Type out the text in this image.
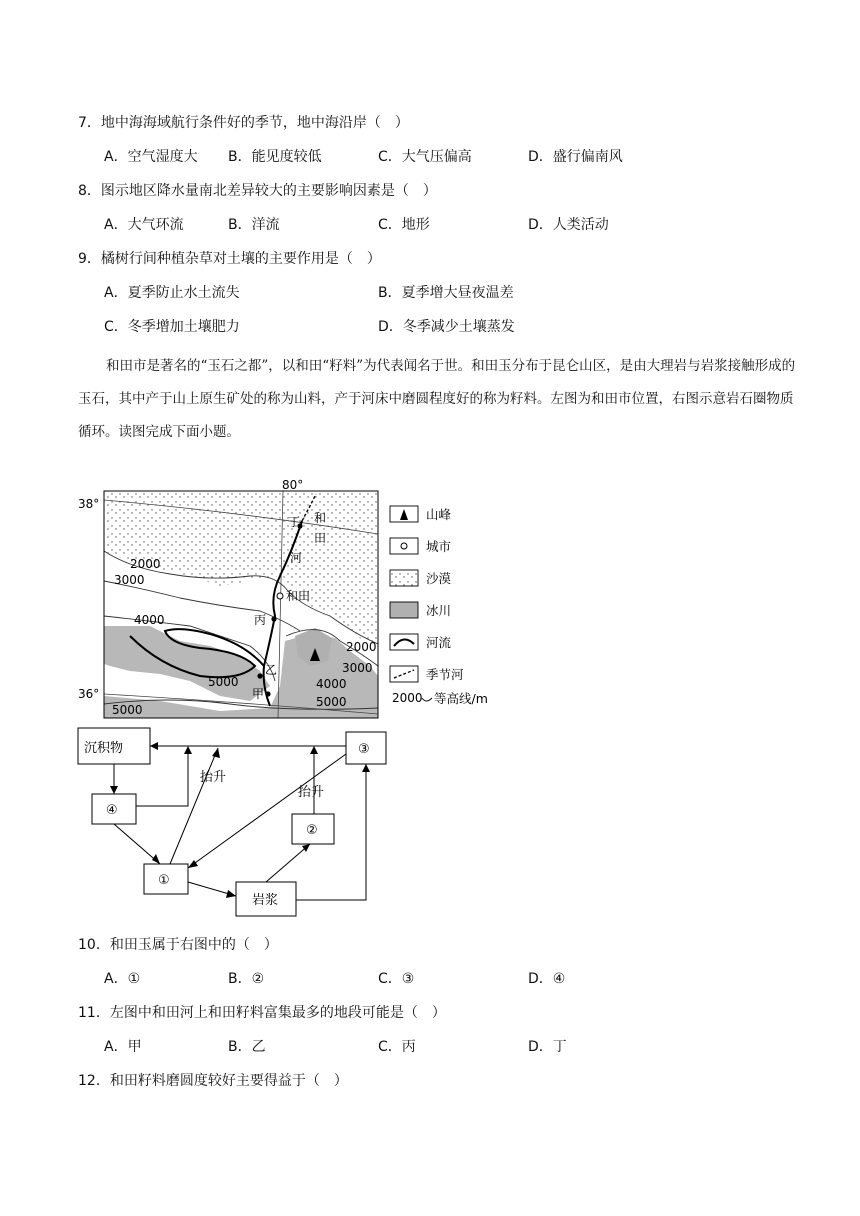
7．地中海海域航行条件好的季节，地中海沿岸（　）
A．空气湿度大 B．能见度较低	C．大气压偏高	D．盛行偏南风
8．图示地区降水量南北差异较大的主要影响因素是（　）
A．大气环流	B．洋流	C．地形	D．人类活动
9．橘树行间种植杂草对土壤的主要作用是（　）
A．夏季防止水土流失	B．夏季增大昼夜温差
C．冬季增加土壤肥力	D．冬季减少土壤蒸发
和田市是著名的“玉石之都”，以和田“籽料”为代表闻名于世。和田玉分布于昆仑山区，是由大理岩与岩浆接触形成的玉石，其中产于山上原生矿处的称为山料，产于河床中磨圆程度好的称为籽料。左图为和田市位置，右图示意岩石圈物质循环。读图完成下面小题。
38°
36°
80°
和
田
河
和田
丙
丁
乙
甲
2000
3000
4000
5000
2000
3000
4000
5000
5000
山峰
城市
沙漠
冰川
河流
季节河
2000 等高线/m
沉积物
④
①
岩浆
②
③
抬升
抬升
10．和田玉属于右图中的（　）
A．①	B．②	C．③	D．④
11．左图中和田河上和田籽料富集最多的地段可能是（　）
A．甲	B．乙	C．丙	D．丁
12．和田籽料磨圆度较好主要得益于（　）
